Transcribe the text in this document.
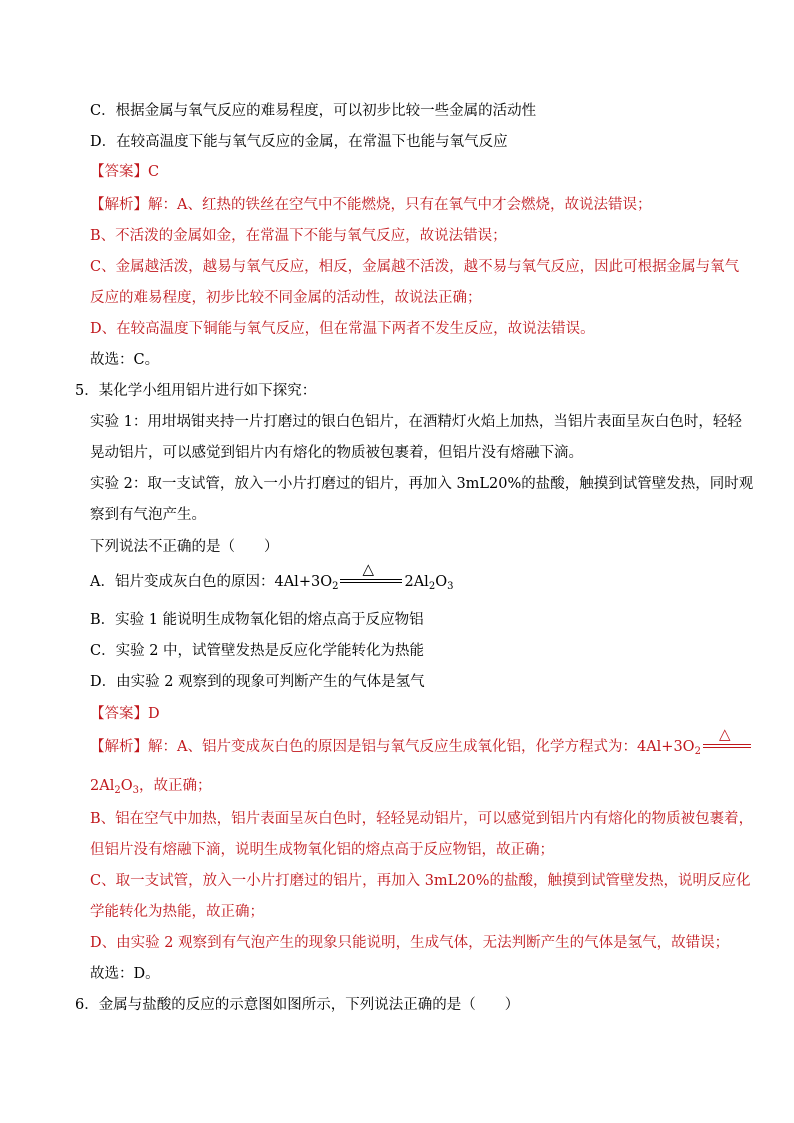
C．根据金属与氧气反应的难易程度，可以初步比较一些金属的活动性
D．在较高温度下能与氧气反应的金属，在常温下也能与氧气反应
【答案】C
【解析】解：A、红热的铁丝在空气中不能燃烧，只有在氧气中才会燃烧，故说法错误；
B、不活泼的金属如金，在常温下不能与氧气反应，故说法错误；
C、金属越活泼，越易与氧气反应，相反，金属越不活泼，越不易与氧气反应，因此可根据金属与氧气
反应的难易程度，初步比较不同金属的活动性，故说法正确；
D、在较高温度下铜能与氧气反应，但在常温下两者不发生反应，故说法错误。
故选：C。
5．某化学小组用铝片进行如下探究：
实验 1：用坩埚钳夹持一片打磨过的银白色铝片，在酒精灯火焰上加热，当铝片表面呈灰白色时，轻轻
晃动铝片，可以感觉到铝片内有熔化的物质被包裹着，但铝片没有熔融下滴。
实验 2：取一支试管，放入一小片打磨过的铝片，再加入 3mL20%的盐酸，触摸到试管壁发热，同时观
察到有气泡产生。
下列说法不正确的是（　　）
A．铝片变成灰白色的原因：$4Al+3O_2$
△
$2Al_2O_3$
B．实验 1 能说明生成物氧化铝的熔点高于反应物铝
C．实验 2 中，试管壁发热是反应化学能转化为热能
D．由实验 2 观察到的现象可判断产生的气体是氢气
【答案】D
【解析】解：A、铝片变成灰白色的原因是铝与氧气反应生成氧化铝，化学方程式为：$4Al+3O_2$
△
$2Al_2O_3$，故正确；
B、铝在空气中加热，铝片表面呈灰白色时，轻轻晃动铝片，可以感觉到铝片内有熔化的物质被包裹着，
但铝片没有熔融下滴，说明生成物氧化铝的熔点高于反应物铝，故正确；
C、取一支试管，放入一小片打磨过的铝片，再加入 3mL20%的盐酸，触摸到试管壁发热，说明反应化
学能转化为热能，故正确；
D、由实验 2 观察到有气泡产生的现象只能说明，生成气体，无法判断产生的气体是氢气，故错误；
故选：D。
6．金属与盐酸的反应的示意图如图所示，下列说法正确的是（　　）
